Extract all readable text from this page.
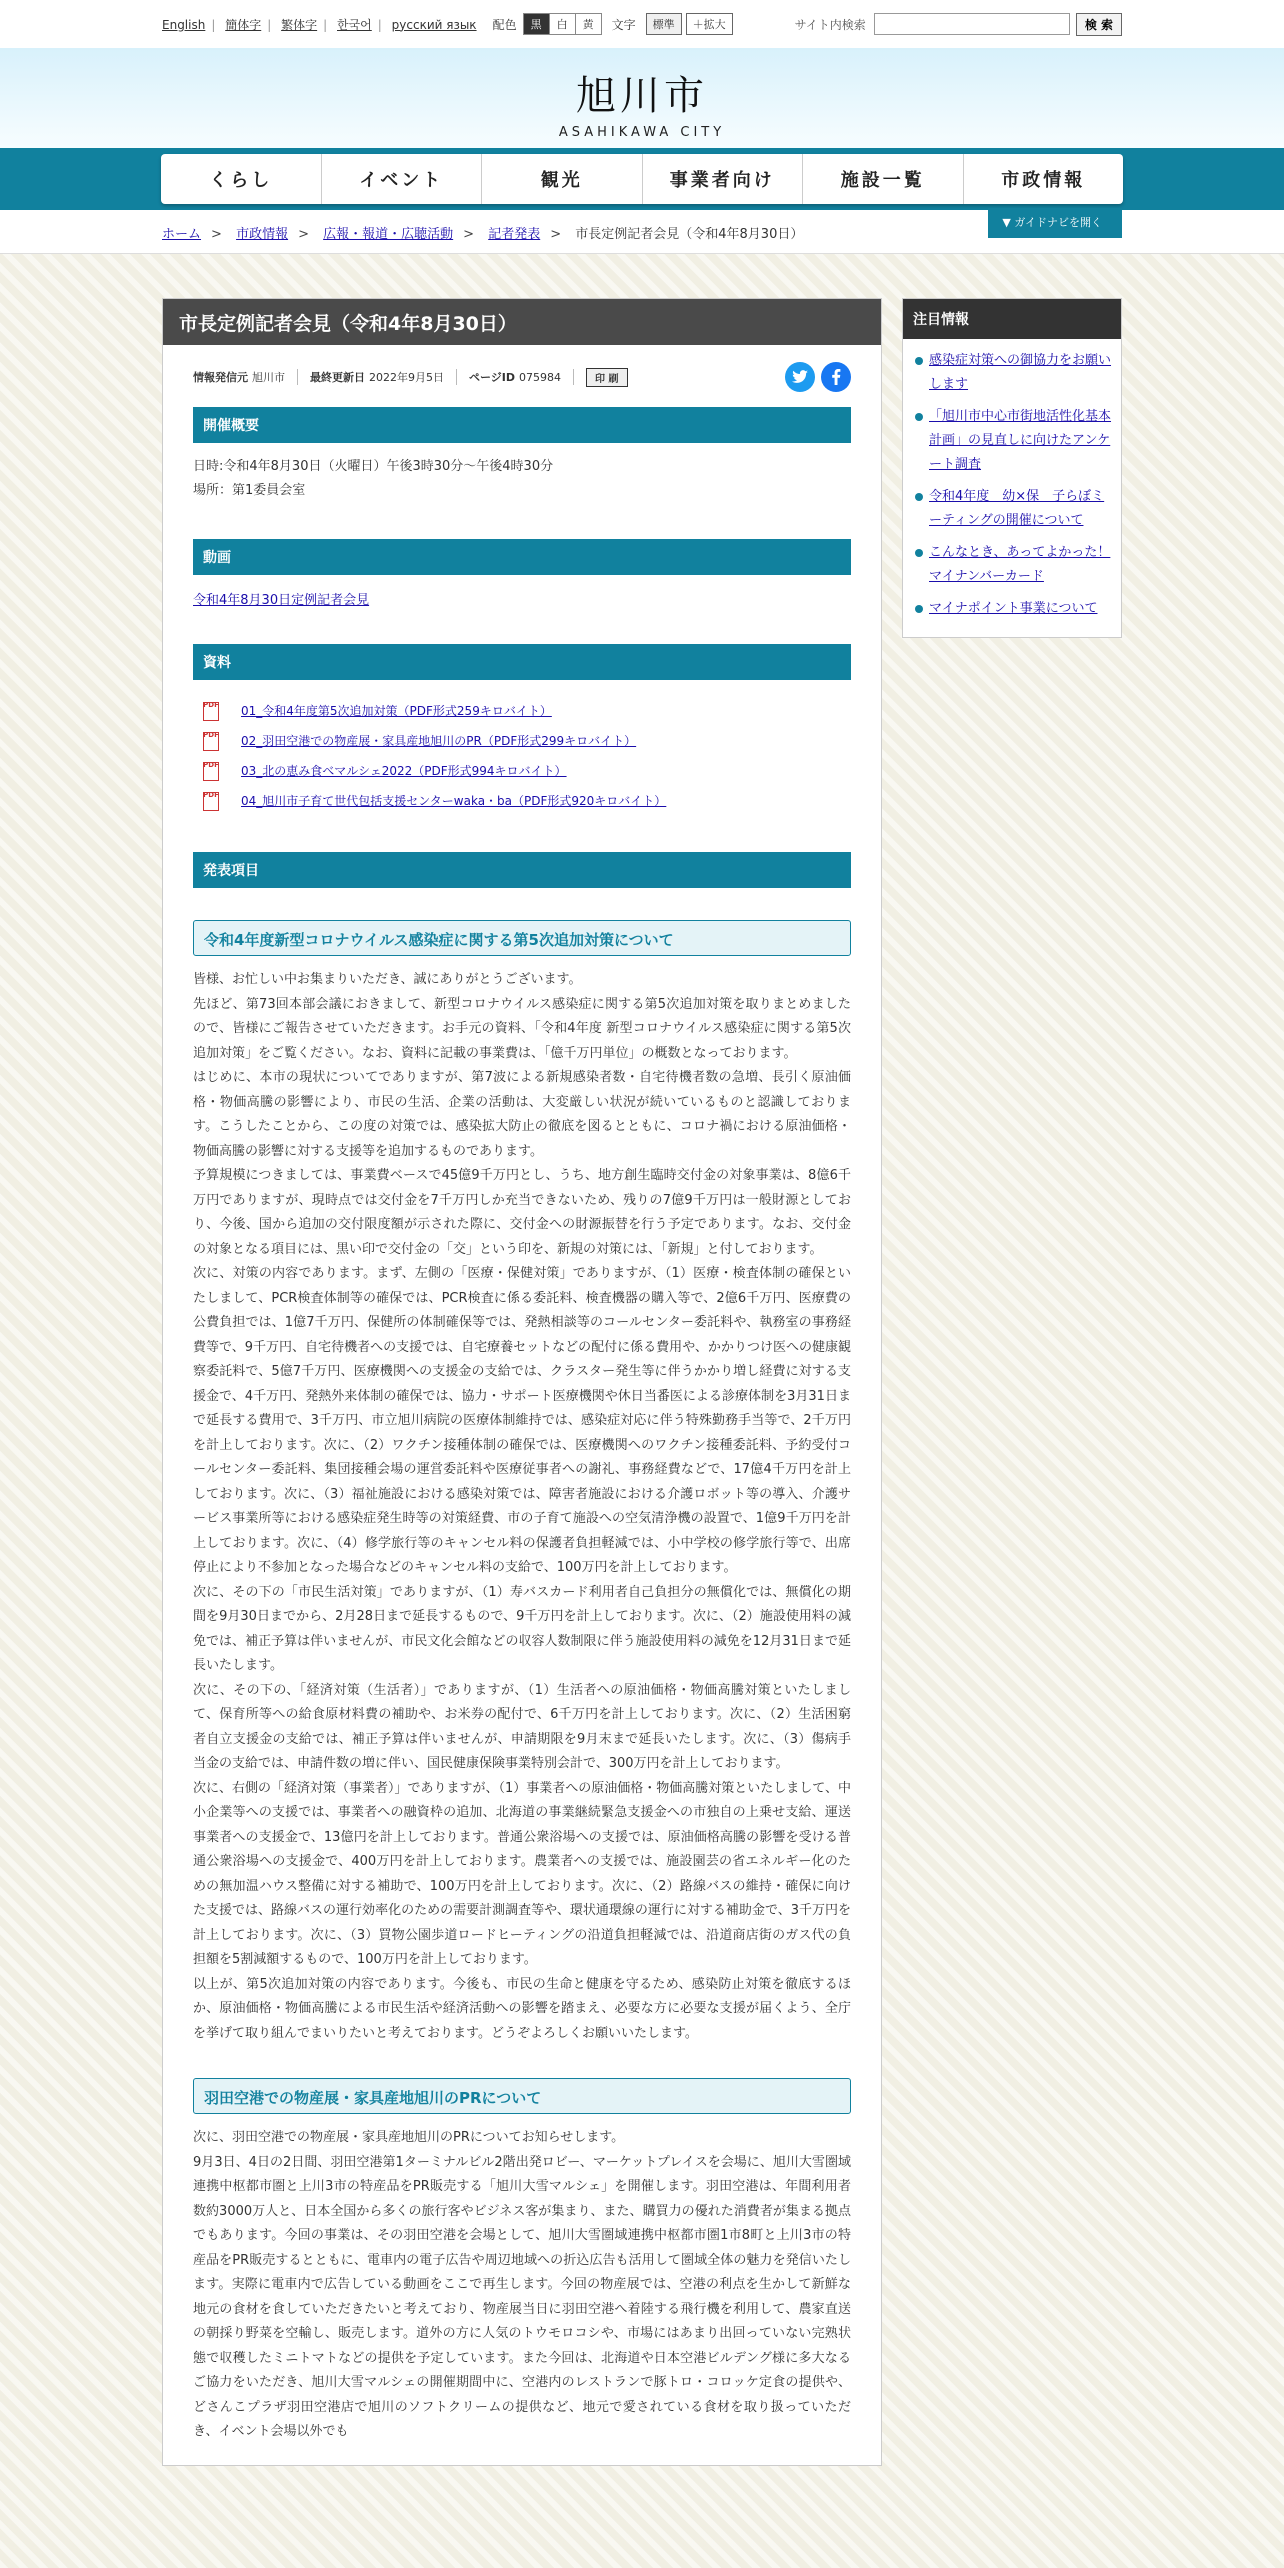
English | 簡体字 | 繁体字 | 한국어 | русский язык	配色	黒	白	黄	文字	標準	＋拡大	サイト内検索	検 索
旭川市
ASAHIKAWA CITY
くらし	イベント	観光	事業者向け	施設一覧	市政情報
ホーム > 市政情報 > 広報・報道・広聴活動 > 記者発表 > 市長定例記者会見（令和4年8月30日）
▼ ガイドナビを開く
市長定例記者会見（令和4年8月30日）
情報発信元 旭川市	最終更新日 2022年9月5日	ページID 075984	印 刷
開催概要
日時:令和4年8月30日（火曜日）午後3時30分～午後4時30分
場所：第1委員会室
動画
令和4年8月30日定例記者会見
資料
PDF 01_令和4年度第5次追加対策（PDF形式259キロバイト）
PDF 02_羽田空港での物産展・家具産地旭川のPR（PDF形式299キロバイト）
PDF 03_北の恵み食べマルシェ2022（PDF形式994キロバイト）
PDF 04_旭川市子育て世代包括支援センターwaka・ba（PDF形式920キロバイト）
発表項目
令和4年度新型コロナウイルス感染症に関する第5次追加対策について

皆様、お忙しい中お集まりいただき、誠にありがとうございます。

先ほど、第73回本部会議におきまして、新型コロナウイルス感染症に関する第5次追加対策を取りまとめましたので、皆様にご報告させていただきます。お手元の資料、「令和4年度 新型コロナウイルス感染症に関する第5次追加対策」をご覧ください。なお、資料に記載の事業費は、「億千万円単位」の概数となっております。

はじめに、本市の現状についてでありますが、第7波による新規感染者数・自宅待機者数の急増、長引く原油価格・物価高騰の影響により、市民の生活、企業の活動は、大変厳しい状況が続いているものと認識しております。こうしたことから、この度の対策では、感染拡大防止の徹底を図るとともに、コロナ禍における原油価格・物価高騰の影響に対する支援等を追加するものであります。

予算規模につきましては、事業費ベースで45億9千万円とし、うち、地方創生臨時交付金の対象事業は、8億6千万円でありますが、現時点では交付金を7千万円しか充当できないため、残りの7億9千万円は一般財源としており、今後、国から追加の交付限度額が示された際に、交付金への財源振替を行う予定であります。なお、交付金の対象となる項目には、黒い印で交付金の「交」という印を、新規の対策には、「新規」と付しております。

次に、対策の内容であります。まず、左側の「医療・保健対策」でありますが、（1）医療・検査体制の確保といたしまして、PCR検査体制等の確保では、PCR検査に係る委託料、検査機器の購入等で、2億6千万円、医療費の公費負担では、1億7千万円、保健所の体制確保等では、発熱相談等のコールセンター委託料や、執務室の事務経費等で、9千万円、自宅待機者への支援では、自宅療養セットなどの配付に係る費用や、かかりつけ医への健康観察委託料で、5億7千万円、医療機関への支援金の支給では、クラスター発生等に伴うかかり増し経費に対する支援金で、4千万円、発熱外来体制の確保では、協力・サポート医療機関や休日当番医による診療体制を3月31日まで延長する費用で、3千万円、市立旭川病院の医療体制維持では、感染症対応に伴う特殊勤務手当等で、2千万円を計上しております。次に、（2）ワクチン接種体制の確保では、医療機関へのワクチン接種委託料、予約受付コールセンター委託料、集団接種会場の運営委託料や医療従事者への謝礼、事務経費などで、17億4千万円を計上しております。次に、（3）福祉施設における感染対策では、障害者施設における介護ロボット等の導入、介護サービス事業所等における感染症発生時等の対策経費、市の子育て施設への空気清浄機の設置で、1億9千万円を計上しております。次に、（4）修学旅行等のキャンセル料の保護者負担軽減では、小中学校の修学旅行等で、出席停止により不参加となった場合などのキャンセル料の支給で、100万円を計上しております。

次に、その下の「市民生活対策」でありますが、（1）寿バスカード利用者自己負担分の無償化では、無償化の期間を9月30日までから、2月28日まで延長するもので、9千万円を計上しております。次に、（2）施設使用料の減免では、補正予算は伴いませんが、市民文化会館などの収容人数制限に伴う施設使用料の減免を12月31日まで延長いたします。

次に、その下の、「経済対策（生活者）」でありますが、（1）生活者への原油価格・物価高騰対策といたしまして、保育所等への給食原材料費の補助や、お米券の配付で、6千万円を計上しております。次に、（2）生活困窮者自立支援金の支給では、補正予算は伴いませんが、申請期限を9月末まで延長いたします。次に、（3）傷病手当金の支給では、申請件数の増に伴い、国民健康保険事業特別会計で、300万円を計上しております。

次に、右側の「経済対策（事業者）」でありますが、（1）事業者への原油価格・物価高騰対策といたしまして、中小企業等への支援では、事業者への融資枠の追加、北海道の事業継続緊急支援金への市独自の上乗せ支給、運送事業者への支援金で、13億円を計上しております。普通公衆浴場への支援では、原油価格高騰の影響を受ける普通公衆浴場への支援金で、400万円を計上しております。農業者への支援では、施設園芸の省エネルギー化のための無加温ハウス整備に対する補助で、100万円を計上しております。次に、（2）路線バスの維持・確保に向けた支援では、路線バスの運行効率化のための需要計測調査等や、環状通環線の運行に対する補助金で、3千万円を計上しております。次に、（3）買物公園歩道ロードヒーティングの沿道負担軽減では、沿道商店街のガス代の負担額を5割減額するもので、100万円を計上しております。

以上が、第5次追加対策の内容であります。今後も、市民の生命と健康を守るため、感染防止対策を徹底するほか、原油価格・物価高騰による市民生活や経済活動への影響を踏まえ、必要な方に必要な支援が届くよう、全庁を挙げて取り組んでまいりたいと考えております。どうぞよろしくお願いいたします。

羽田空港での物産展・家具産地旭川のPRについて

次に、羽田空港での物産展・家具産地旭川のPRについてお知らせします。

9月3日、4日の2日間、羽田空港第1ターミナルビル2階出発ロビー、マーケットプレイスを会場に、旭川大雪圏域連携中枢都市圏と上川3市の特産品をPR販売する「旭川大雪マルシェ」を開催します。羽田空港は、年間利用者数約3000万人と、日本全国から多くの旅行客やビジネス客が集まり、また、購買力の優れた消費者が集まる拠点でもあります。今回の事業は、その羽田空港を会場として、旭川大雪圏域連携中枢都市圏1市8町と上川3市の特産品をPR販売するとともに、電車内の電子広告や周辺地域への折込広告も活用して圏域全体の魅力を発信いたします。実際に電車内で広告している動画をここで再生します。今回の物産展では、空港の利点を生かして新鮮な地元の食材を食していただきたいと考えており、物産展当日に羽田空港へ着陸する飛行機を利用して、農家直送の朝採り野菜を空輸し、販売します。道外の方に人気のトウモロコシや、市場にはあまり出回っていない完熟状態で収穫したミニトマトなどの提供を予定しています。また今回は、北海道や日本空港ビルデング様に多大なるご協力をいただき、旭川大雪マルシェの開催期間中に、空港内のレストランで豚トロ・コロッケ定食の提供や、どさんこプラザ羽田空港店で旭川のソフトクリームの提供など、地元で愛されている食材を取り扱っていただき、イベント会場以外でも

注目情報
感染症対策への御協力をお願いします
「旭川市中心市街地活性化基本計画」の見直しに向けたアンケート調査
令和4年度　幼×保　子らぼミーティングの開催について
こんなとき、あってよかった！マイナンバーカード
マイナポイント事業について
